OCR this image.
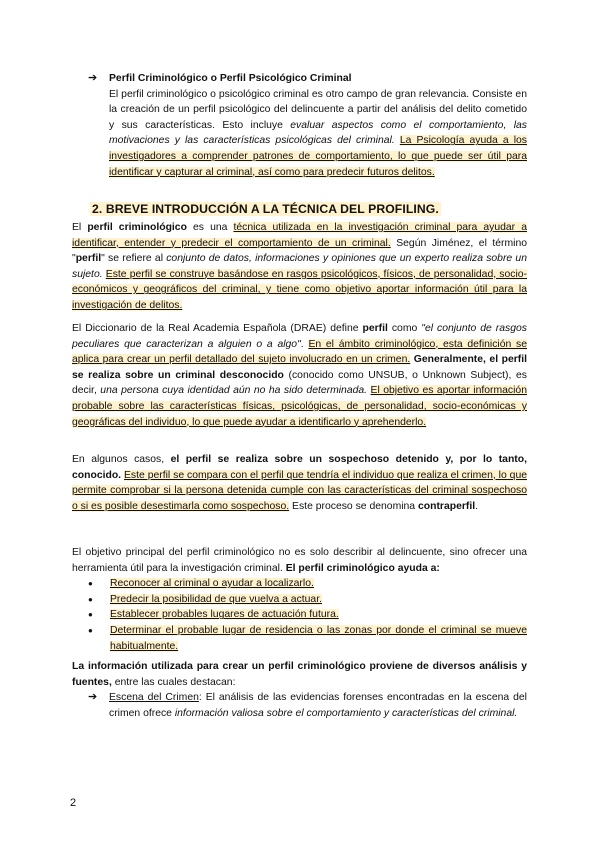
➔ Perfil Criminológico o Perfil Psicológico Criminal
El perfil criminológico o psicológico criminal es otro campo de gran relevancia. Consiste en la creación de un perfil psicológico del delincuente a partir del análisis del delito cometido y sus características. Esto incluye evaluar aspectos como el comportamiento, las motivaciones y las características psicológicas del criminal. La Psicología ayuda a los investigadores a comprender patrones de comportamiento, lo que puede ser útil para identificar y capturar al criminal, así como para predecir futuros delitos.
2. BREVE INTRODUCCIÓN A LA TÉCNICA DEL PROFILING.
El perfil criminológico es una técnica utilizada en la investigación criminal para ayudar a identificar, entender y predecir el comportamiento de un criminal. Según Jiménez, el término "perfil" se refiere al conjunto de datos, informaciones y opiniones que un experto realiza sobre un sujeto. Este perfil se construye basándose en rasgos psicológicos, físicos, de personalidad, socio-económicos y geográficos del criminal, y tiene como objetivo aportar información útil para la investigación de delitos.
El Diccionario de la Real Academia Española (DRAE) define perfil como "el conjunto de rasgos peculiares que caracterizan a alguien o a algo". En el ámbito criminológico, esta definición se aplica para crear un perfil detallado del sujeto involucrado en un crimen. Generalmente, el perfil se realiza sobre un criminal desconocido (conocido como UNSUB, o Unknown Subject), es decir, una persona cuya identidad aún no ha sido determinada. El objetivo es aportar información probable sobre las características físicas, psicológicas, de personalidad, socio-económicas y geográficas del individuo, lo que puede ayudar a identificarlo y aprehenderlo.
En algunos casos, el perfil se realiza sobre un sospechoso detenido y, por lo tanto, conocido. Este perfil se compara con el perfil que tendría el individuo que realiza el crimen, lo que permite comprobar si la persona detenida cumple con las características del criminal sospechoso o si es posible desestimarla como sospechoso. Este proceso se denomina contraperfil.
El objetivo principal del perfil criminológico no es solo describir al delincuente, sino ofrecer una herramienta útil para la investigación criminal. El perfil criminológico ayuda a:
● Reconocer al criminal o ayudar a localizarlo.
● Predecir la posibilidad de que vuelva a actuar.
● Establecer probables lugares de actuación futura.
● Determinar el probable lugar de residencia o las zonas por donde el criminal se mueve habitualmente.
La información utilizada para crear un perfil criminológico proviene de diversos análisis y fuentes, entre las cuales destacan:
➔ Escena del Crimen: El análisis de las evidencias forenses encontradas en la escena del crimen ofrece información valiosa sobre el comportamiento y características del criminal.
2
